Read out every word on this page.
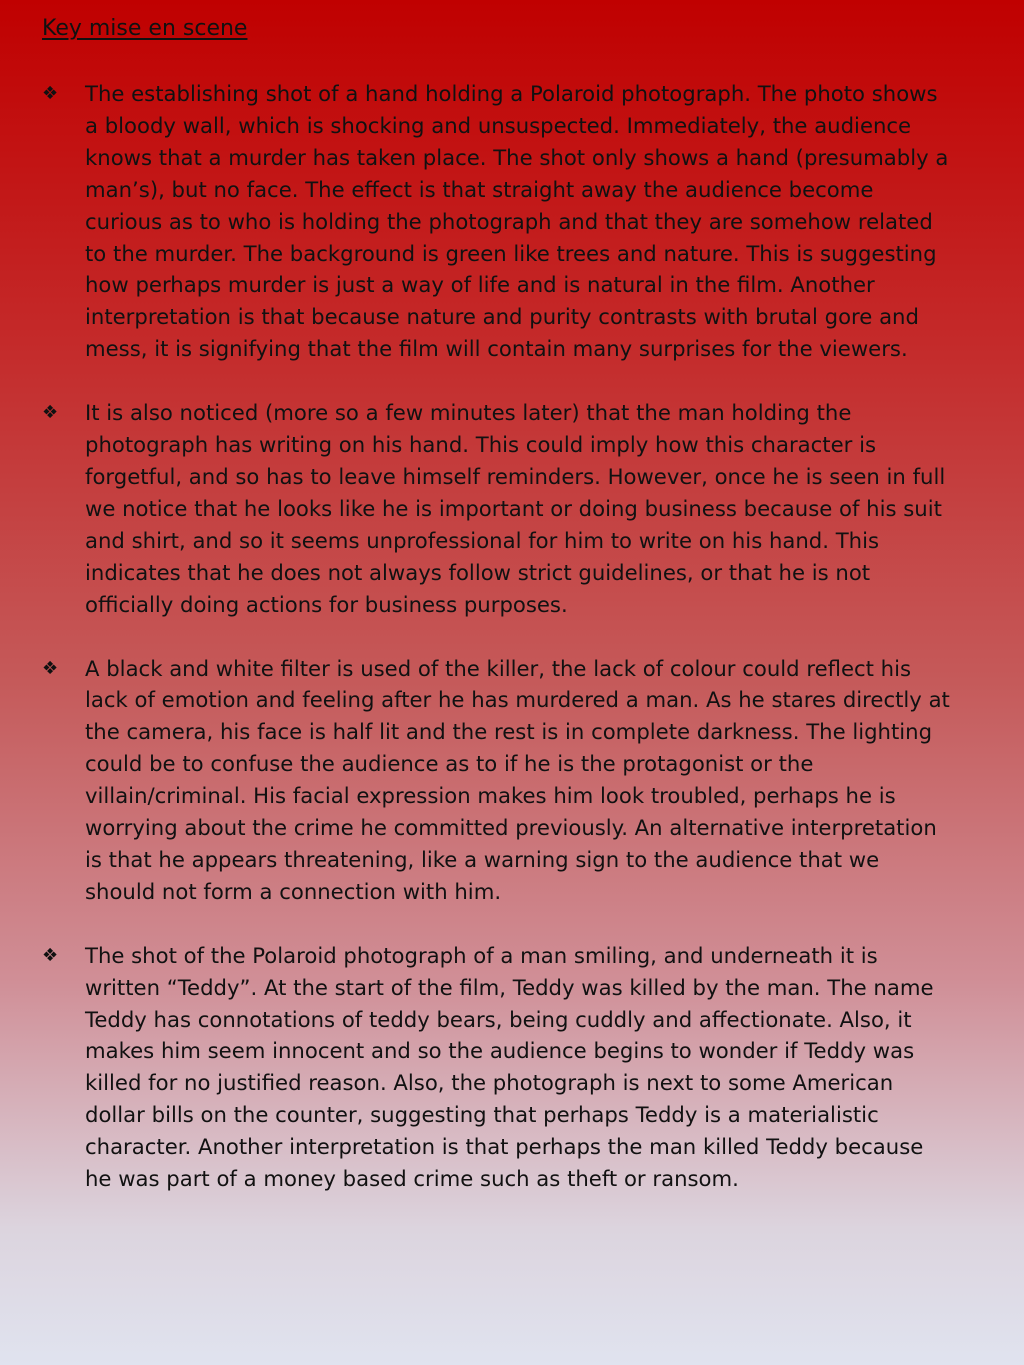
Key mise en scene
❖ The establishing shot of a hand holding a Polaroid photograph. The photo shows a bloody wall, which is shocking and unsuspected. Immediately, the audience knows that a murder has taken place. The shot only shows a hand (presumably a man’s), but no face. The effect is that straight away the audience become curious as to who is holding the photograph and that they are somehow related to the murder. The background is green like trees and nature. This is suggesting how perhaps murder is just a way of life and is natural in the film. Another interpretation is that because nature and purity contrasts with brutal gore and mess, it is signifying that the film will contain many surprises for the viewers.
❖ It is also noticed (more so a few minutes later) that the man holding the photograph has writing on his hand. This could imply how this character is forgetful, and so has to leave himself reminders. However, once he is seen in full we notice that he looks like he is important or doing business because of his suit and shirt, and so it seems unprofessional for him to write on his hand. This indicates that he does not always follow strict guidelines, or that he is not officially doing actions for business purposes.
❖ A black and white filter is used of the killer, the lack of colour could reflect his lack of emotion and feeling after he has murdered a man. As he stares directly at the camera, his face is half lit and the rest is in complete darkness. The lighting could be to confuse the audience as to if he is the protagonist or the villain/criminal. His facial expression makes him look troubled, perhaps he is worrying about the crime he committed previously. An alternative interpretation is that he appears threatening, like a warning sign to the audience that we should not form a connection with him.
❖ The shot of the Polaroid photograph of a man smiling, and underneath it is written “Teddy”. At the start of the film, Teddy was killed by the man. The name Teddy has connotations of teddy bears, being cuddly and affectionate. Also, it makes him seem innocent and so the audience begins to wonder if Teddy was killed for no justified reason. Also, the photograph is next to some American dollar bills on the counter, suggesting that perhaps Teddy is a materialistic character. Another interpretation is that perhaps the man killed Teddy because he was part of a money based crime such as theft or ransom.
